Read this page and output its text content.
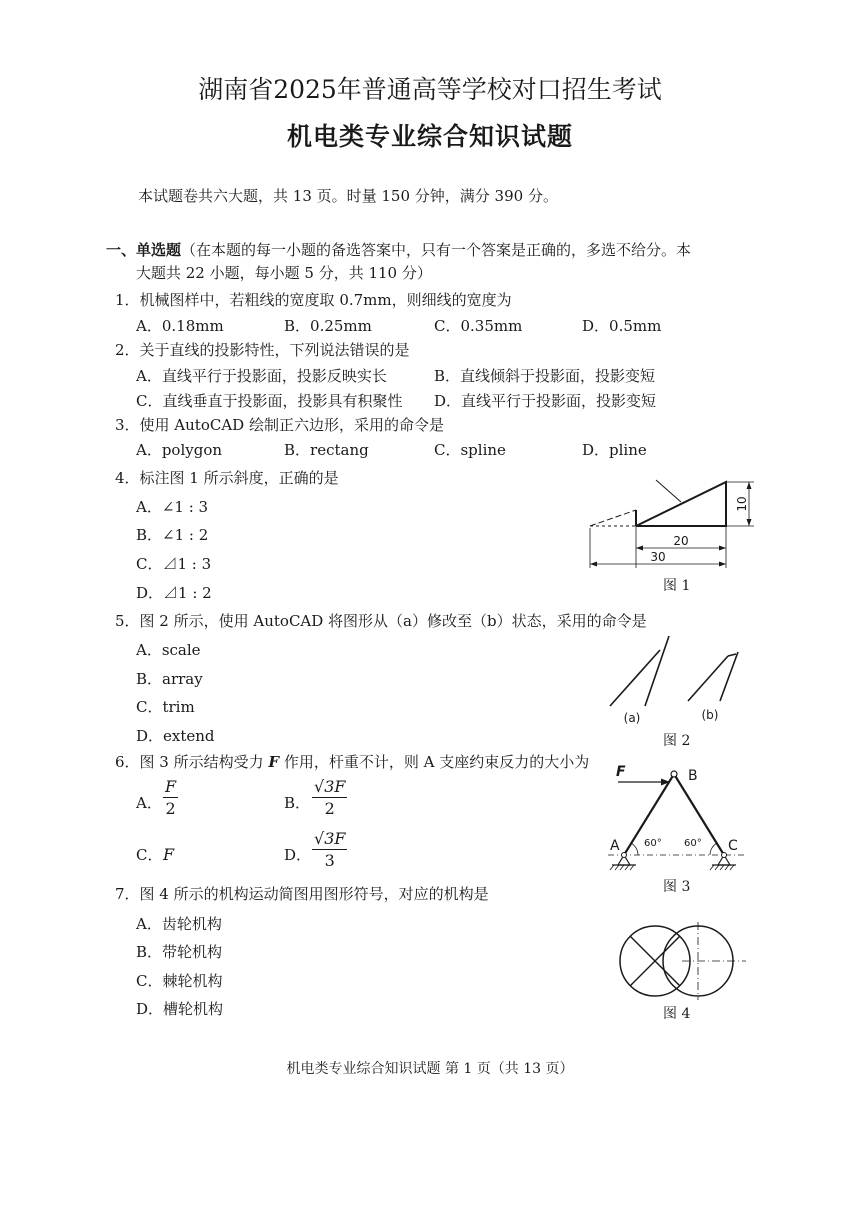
湖南省2025年普通高等学校对口招生考试
机电类专业综合知识试题
本试题卷共六大题，共 13 页。时量 150 分钟，满分 390 分。
一、单选题（在本题的每一小题的备选答案中，只有一个答案是正确的，多选不给分。本
大题共 22 小题，每小题 5 分，共 110 分）
1．机械图样中，若粗线的宽度取 0.7mm，则细线的宽度为
A．0.18mm	B．0.25mm	C．0.35mm	D．0.5mm
2．关于直线的投影特性，下列说法错误的是
A．直线平行于投影面，投影反映实长	B．直线倾斜于投影面，投影变短
C．直线垂直于投影面，投影具有积聚性 D．直线平行于投影面，投影变短
3．使用 AutoCAD 绘制正六边形，采用的命令是
A．polygon	B．rectang	C．spline	D．pline
4．标注图 1 所示斜度，正确的是
A．∠1 : 3
B．∠1 : 2
C．⊿1 : 3
D．⊿1 : 2
10
20
30
图 1
5．图 2 所示，使用 AutoCAD 将图形从（a）修改至（b）状态，采用的命令是
A．scale
B．array
C．trim
D．extend
(a)	(b)
图 2
6．图 3 所示结构受力 F 作用，杆重不计，则 A 支座约束反力的大小为
A． $\frac{F}{2}$	B． $\frac{√3F}{2}$
C． F	D． $\frac{√3F}{3}$
F	B
A	C
60° 60°
图 3
7．图 4 所示的机构运动简图用图形符号，对应的机构是
A．齿轮机构
B．带轮机构
C．棘轮机构
D．槽轮机构	图 4
机电类专业综合知识试题 第 1 页（共 13 页）
